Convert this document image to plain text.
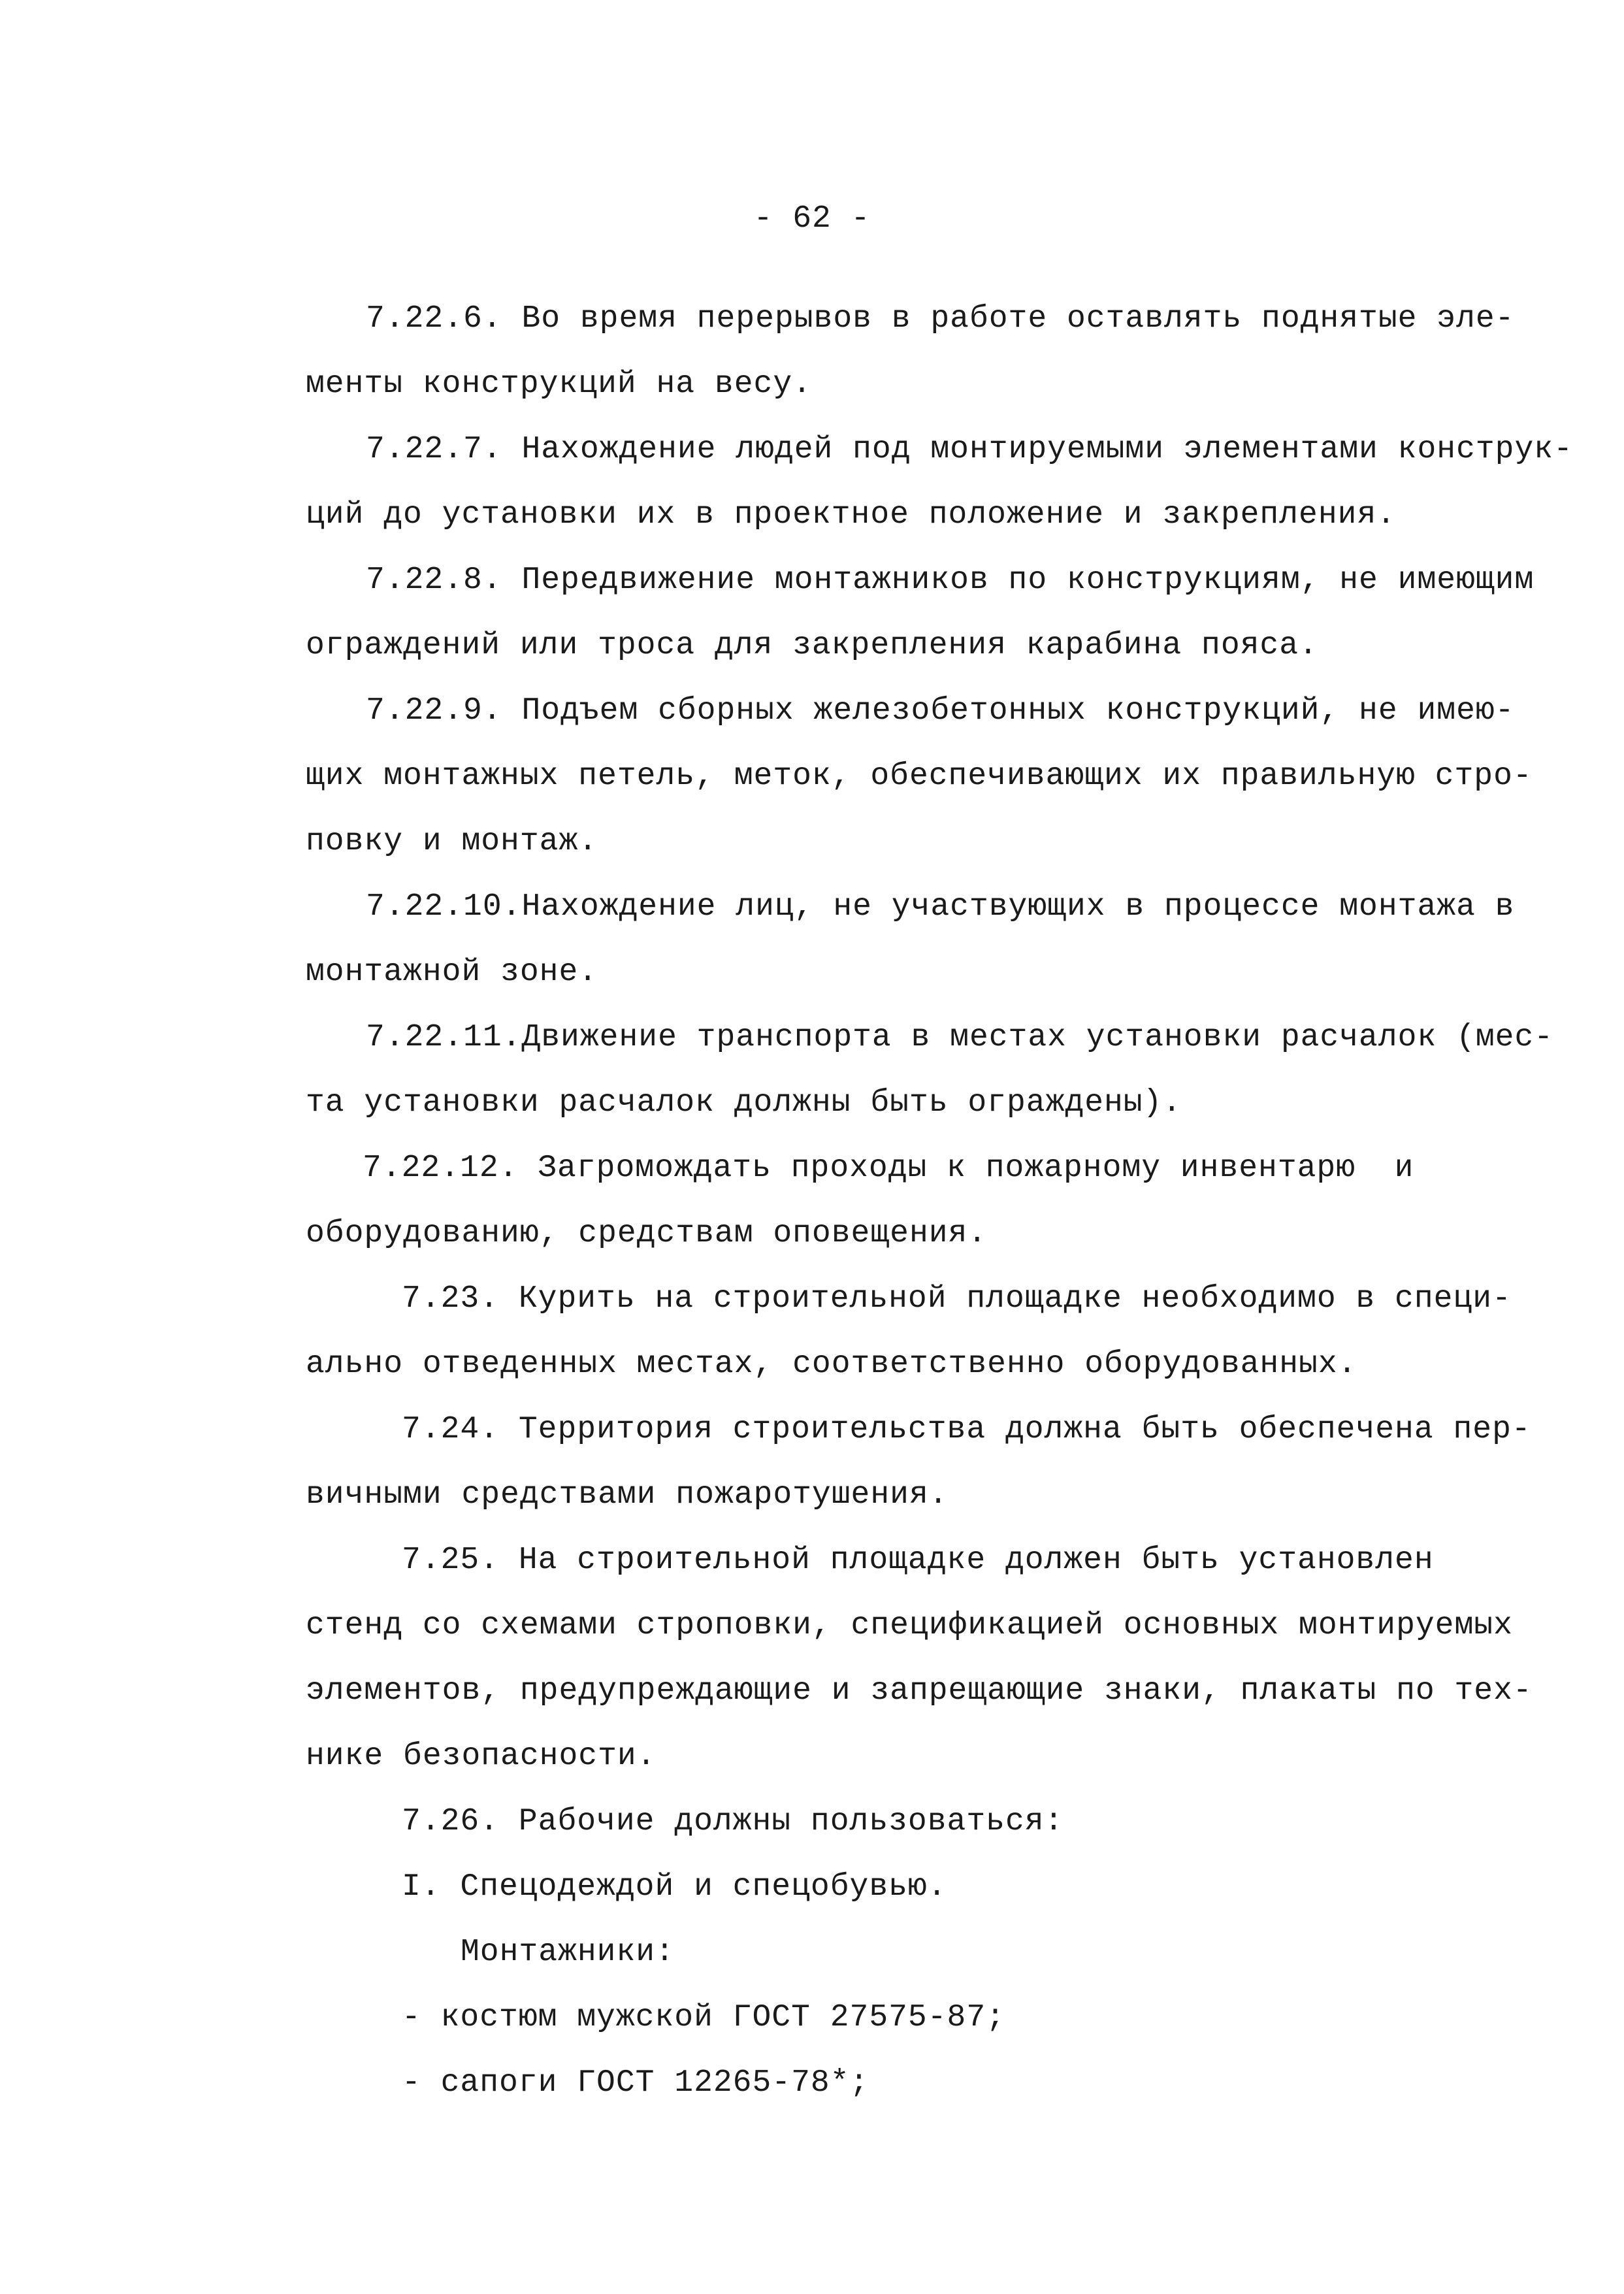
- 62 -
7.22.6. Во время перерывов в работе оставлять поднятые эле-
менты конструкций на весу.
7.22.7. Нахождение людей под монтируемыми элементами конструк-
ций до установки их в проектное положение и закрепления.
7.22.8. Передвижение монтажников по конструкциям, не имеющим
ограждений или троса для закрепления карабина пояса.
7.22.9. Подъем сборных железобетонных конструкций, не имею-
щих монтажных петель, меток, обеспечивающих их правильную стро-
повку и монтаж.
7.22.10.Нахождение лиц, не участвующих в процессе монтажа в
монтажной зоне.
7.22.11.Движение транспорта в местах установки расчалок (мес-
та установки расчалок должны быть ограждены).
7.22.12. Загромождать проходы к пожарному инвентарю  и
оборудованию, средствам оповещения.
7.23. Курить на строительной площадке необходимо в специ-
ально отведенных местах, соответственно оборудованных.
7.24. Территория строительства должна быть обеспечена пер-
вичными средствами пожаротушения.
7.25. На строительной площадке должен быть установлен
стенд со схемами строповки, спецификацией основных монтируемых
элементов, предупреждающие и запрещающие знаки, плакаты по тех-
нике безопасности.
7.26. Рабочие должны пользоваться:
I. Спецодеждой и спецобувью.
Монтажники:
- костюм мужской ГОСТ 27575-87;
- сапоги ГОСТ 12265-78*;
